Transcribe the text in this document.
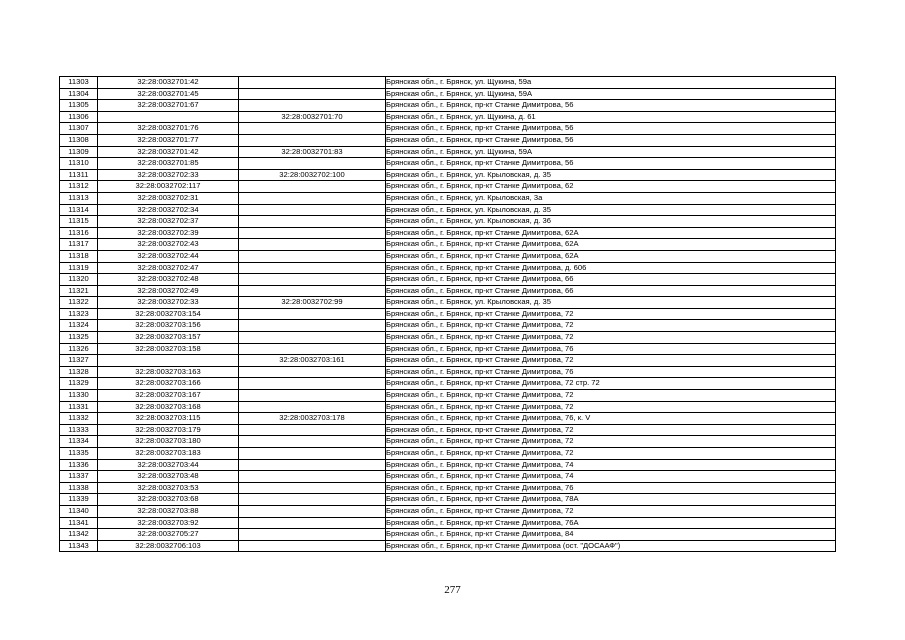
11303	32:28:0032701:42		Брянская обл., г. Брянск, ул. Щукина, 59а
11304	32:28:0032701:45		Брянская обл., г. Брянск, ул. Щукина, 59А
11305	32:28:0032701:67		Брянская обл., г. Брянск, пр-кт Станке Димитрова, 56
11306		32:28:0032701:70	Брянская обл., г. Брянск, ул. Щукина, д. 61
11307	32:28:0032701:76		Брянская обл., г. Брянск, пр-кт Станке Димитрова, 56
11308	32:28:0032701:77		Брянская обл., г. Брянск, пр-кт Станке Димитрова, 56
11309	32:28:0032701:42	32:28:0032701:83	Брянская обл., г. Брянск, ул. Щукина, 59А
11310	32:28:0032701:85		Брянская обл., г. Брянск, пр-кт Станке Димитрова, 56
11311	32:28:0032702:33	32:28:0032702:100	Брянская обл., г. Брянск, ул. Крыловская, д. 35
11312	32:28:0032702:117		Брянская обл., г. Брянск, пр-кт Станке Димитрова, 62
11313	32:28:0032702:31		Брянская обл., г. Брянск, ул. Крыловская, 3а
11314	32:28:0032702:34		Брянская обл., г. Брянск, ул. Крыловская, д. 35
11315	32:28:0032702:37		Брянская обл., г. Брянск, ул. Крыловская, д. 36
11316	32:28:0032702:39		Брянская обл., г. Брянск, пр-кт Станке Димитрова, 62А
11317	32:28:0032702:43		Брянская обл., г. Брянск, пр-кт Станке Димитрова, 62А
11318	32:28:0032702:44		Брянская обл., г. Брянск, пр-кт Станке Димитрова, 62А
11319	32:28:0032702:47		Брянская обл., г. Брянск, пр-кт Станке Димитрова, д. 606
11320	32:28:0032702:48		Брянская обл., г. Брянск, пр-кт Станке Димитрова, 66
11321	32:28:0032702:49		Брянская обл., г. Брянск, пр-кт Станке Димитрова, 66
11322	32:28:0032702:33	32:28:0032702:99	Брянская обл., г. Брянск, ул. Крыловская, д. 35
11323	32:28:0032703:154		Брянская обл., г. Брянск, пр-кт Станке Димитрова, 72
11324	32:28:0032703:156		Брянская обл., г. Брянск, пр-кт Станке Димитрова, 72
11325	32:28:0032703:157		Брянская обл., г. Брянск, пр-кт Станке Димитрова, 72
11326	32:28:0032703:158		Брянская обл., г. Брянск, пр-кт Станке Димитрова, 76
11327		32:28:0032703:161	Брянская обл., г. Брянск, пр-кт Станке Димитрова, 72
11328	32:28:0032703:163		Брянская обл., г. Брянск, пр-кт Станке Димитрова, 76
11329	32:28:0032703:166		Брянская обл., г. Брянск, пр-кт Станке Димитрова, 72 стр. 72
11330	32:28:0032703:167		Брянская обл., г. Брянск, пр-кт Станке Димитрова, 72
11331	32:28:0032703:168		Брянская обл., г. Брянск, пр-кт Станке Димитрова, 72
11332	32:28:0032703:115	32:28:0032703:178	Брянская обл., г. Брянск, пр-кт Станке Димитрова, 76, к. V
11333	32:28:0032703:179		Брянская обл., г. Брянск, пр-кт Станке Димитрова, 72
11334	32:28:0032703:180		Брянская обл., г. Брянск, пр-кт Станке Димитрова, 72
11335	32:28:0032703:183		Брянская обл., г. Брянск, пр-кт Станке Димитрова, 72
11336	32:28:0032703:44		Брянская обл., г. Брянск, пр-кт Станке Димитрова, 74
11337	32:28:0032703:48		Брянская обл., г. Брянск, пр-кт Станке Димитрова, 74
11338	32:28:0032703:53		Брянская обл., г. Брянск, пр-кт Станке Димитрова, 76
11339	32:28:0032703:68		Брянская обл., г. Брянск, пр-кт Станке Димитрова, 78А
11340	32:28:0032703:88		Брянская обл., г. Брянск, пр-кт Станке Димитрова, 72
11341	32:28:0032703:92		Брянская обл., г. Брянск, пр-кт Станке Димитрова, 76А
11342	32:28:0032705:27		Брянская обл., г. Брянск, пр-кт Станке Димитрова, 84
11343	32:28:0032706:103		Брянская обл., г. Брянск, пр-кт Станке Димитрова (ост. "ДОСААФ")
277
